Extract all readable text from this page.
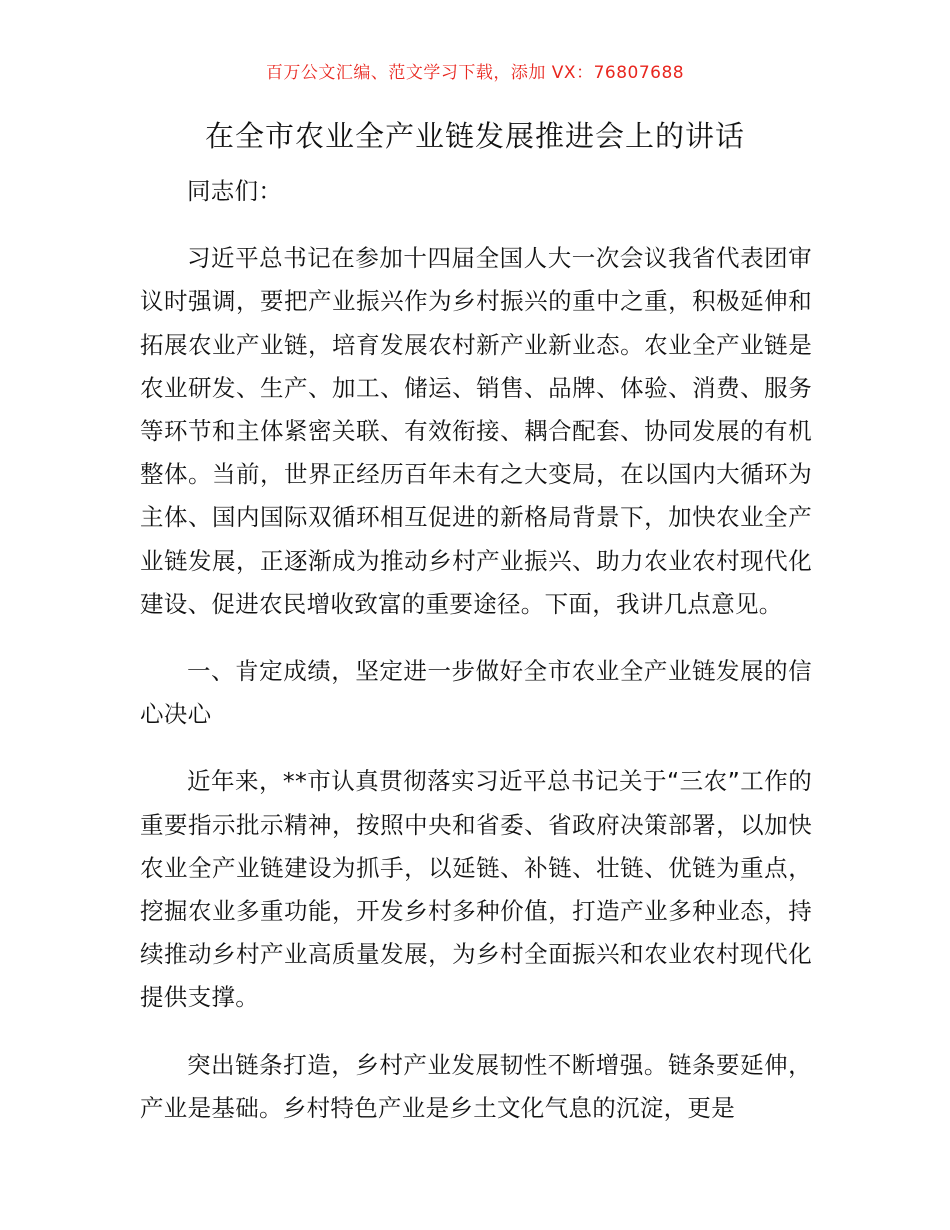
百万公文汇编、范文学习下载，添加 VX：76807688
在全市农业全产业链发展推进会上的讲话

同志们：

习近平总书记在参加十四届全国人大一次会议我省代表团审议时强调，要把产业振兴作为乡村振兴的重中之重，积极延伸和拓展农业产业链，培育发展农村新产业新业态。农业全产业链是农业研发、生产、加工、储运、销售、品牌、体验、消费、服务等环节和主体紧密关联、有效衔接、耦合配套、协同发展的有机整体。当前，世界正经历百年未有之大变局，在以国内大循环为主体、国内国际双循环相互促进的新格局背景下，加快农业全产业链发展，正逐渐成为推动乡村产业振兴、助力农业农村现代化建设、促进农民增收致富的重要途径。下面，我讲几点意见。

一、肯定成绩，坚定进一步做好全市农业全产业链发展的信心决心

近年来，**市认真贯彻落实习近平总书记关于“三农”工作的重要指示批示精神，按照中央和省委、省政府决策部署，以加快农业全产业链建设为抓手，以延链、补链、壮链、优链为重点，挖掘农业多重功能，开发乡村多种价值，打造产业多种业态，持续推动乡村产业高质量发展，为乡村全面振兴和农业农村现代化提供支撑。

突出链条打造，乡村产业发展韧性不断增强。链条要延伸，产业是基础。乡村特色产业是乡土文化气息的沉淀，更是
